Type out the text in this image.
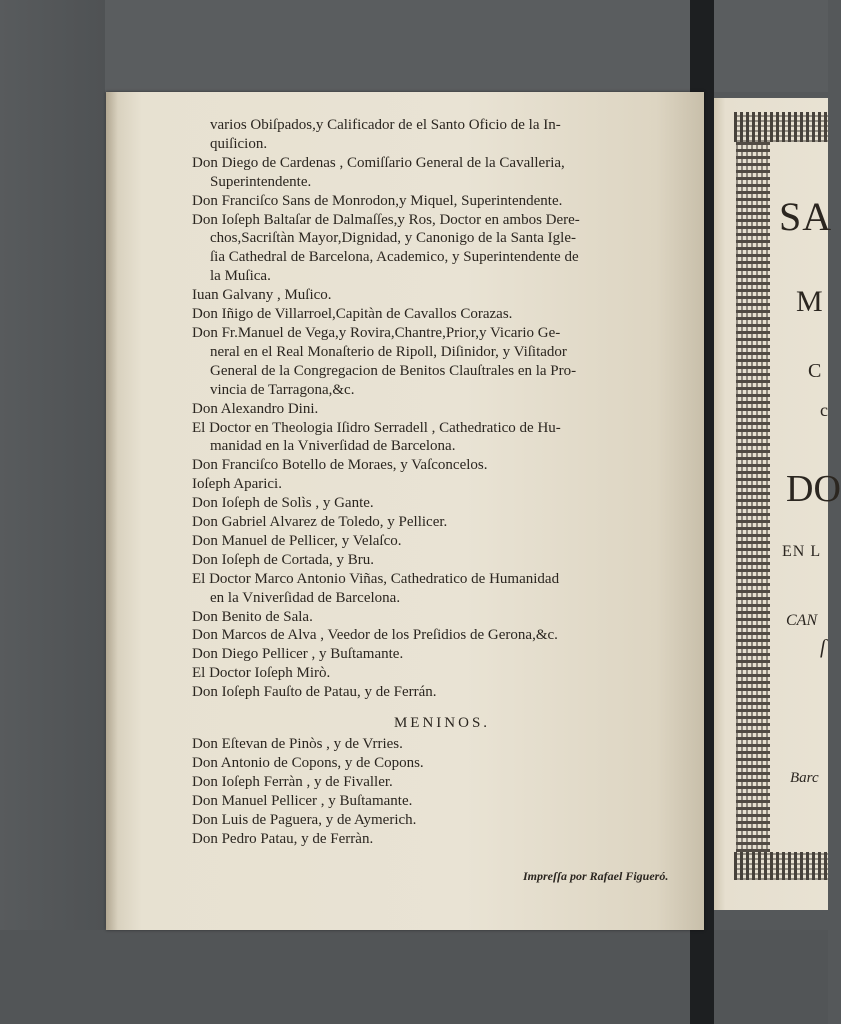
varios Obiſpados,y Calificador de el Santo Oficio de la In-

quiſicion.

Don Diego de Cardenas , Comiſſario General de la Cavalleria,

Superintendente.

Don Franciſco Sans de Monrodon,y Miquel, Superintendente.

Don Ioſeph Baltaſar de Dalmaſſes,y Ros, Doctor en ambos Dere-

chos,Sacriſtàn Mayor,Dignidad, y Canonigo de la Santa Igle-

ſia Cathedral de Barcelona, Academico, y Superintendente de

la Muſica.

Iuan Galvany , Muſico.

Don Iñigo de Villarroel,Capitàn de Cavallos Corazas.

Don Fr.Manuel de Vega,y Rovira,Chantre,Prior,y Vicario Ge-

neral en el Real Monaſterio de Ripoll, Diſinidor, y Viſitador

General de la Congregacion de Benitos Clauſtrales en la Pro-

vincia de Tarragona,&c.

Don Alexandro Dini.

El Doctor en Theologia Iſidro Serradell , Cathedratico de Hu-

manidad en la Vniverſidad de Barcelona.

Don Franciſco Botello de Moraes, y Vaſconcelos.

Ioſeph Aparici.

Don Ioſeph de Solìs , y Gante.

Don Gabriel Alvarez de Toledo, y Pellicer.

Don Manuel de Pellicer, y Velaſco.

Don Ioſeph de Cortada, y Bru.

El Doctor Marco Antonio Viñas, Cathedratico de Humanidad

en la Vniverſidad de Barcelona.

Don Benito de Sala.

Don Marcos de Alva , Veedor de los Preſidios de Gerona,&c.

Don Diego Pellicer , y Buſtamante.

El Doctor Ioſeph Mirò.

Don Ioſeph Fauſto de Patau, y de Ferrán.

MENINOS.

Don Eſtevan de Pinòs , y de Vrries.

Don Antonio de Copons, y de Copons.

Don Ioſeph Ferràn , y de Fivaller.

Don Manuel Pellicer , y Buſtamante.

Don Luis de Paguera, y de Aymerich.

Don Pedro Patau, y de Ferràn.

Impreſſa por Rafael Figueró.
SA
M
C
c
DO
EN L
CAN
ſ
Barc
